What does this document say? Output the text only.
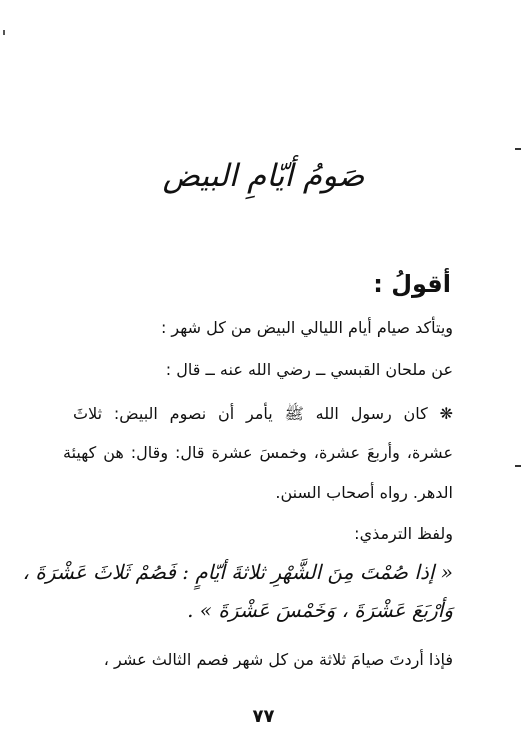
صَومُ أيّامِ البيض
أقولُ :
ويتأكد صيام أيام الليالي البيض من كل شهر :
عن ملحان القبسي ــ رضي الله عنه ــ قال :
❋ كان رسول الله ﷺ يأمر أن نصوم البيض: ثلاثَ
عشرة، وأربعَ عشرة، وخمسَ عشرة قال: وقال: هن كهيئة
الدهر. رواه أصحاب السنن.
ولفظ الترمذي:
« إذا صُمْتَ مِنَ الشَّهْرِ ثلاثةَ أيّامٍ : فَصُمْ ثَلاثَ عَشْرَةَ ،
وَأرْبَعَ عَشْرَةَ ، وَخَمْسَ عَشْرَةَ » .
فإذا أردتَ صيامَ ثلاثة من كل شهر فصم الثالث عشر ،
٧٧
